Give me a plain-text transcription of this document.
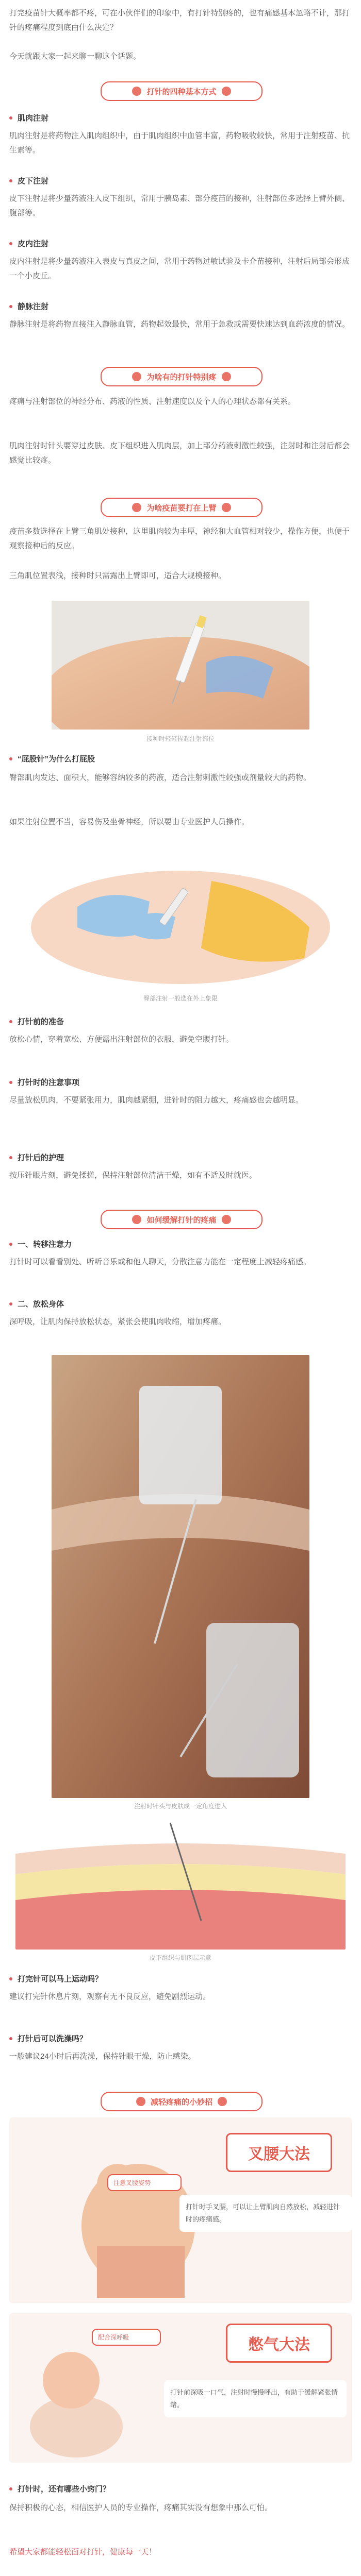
打完疫苗针大概率都不疼，可在小伙伴们的印象中，有打针特别疼的，也有痛感基本忽略不计，那打针的疼痛程度到底由什么决定？

今天就跟大家一起来聊一聊这个话题。

打针的四种基本方式
肌肉注射

肌肉注射是将药物注入肌肉组织中，由于肌肉组织中血管丰富，药物吸收较快，常用于注射疫苗、抗生素等。

皮下注射

皮下注射是将少量药液注入皮下组织，常用于胰岛素、部分疫苗的接种，注射部位多选择上臂外侧、腹部等。

皮内注射

皮内注射是将少量药液注入表皮与真皮之间，常用于药物过敏试验及卡介苗接种，注射后局部会形成一个小皮丘。

静脉注射

静脉注射是将药物直接注入静脉血管，药物起效最快，常用于急救或需要快速达到血药浓度的情况。

为啥有的打针特别疼

疼痛与注射部位的神经分布、药液的性质、注射速度以及个人的心理状态都有关系。

肌肉注射时针头要穿过皮肤、皮下组织进入肌肉层，加上部分药液刺激性较强，注射时和注射后都会感觉比较疼。

为啥疫苗要打在上臂

疫苗多数选择在上臂三角肌处接种，这里肌肉较为丰厚，神经和大血管相对较少，操作方便，也便于观察接种后的反应。

三角肌位置表浅，接种时只需露出上臂即可，适合大规模接种。

接种时轻轻捏起注射部位
“屁股针”为什么打屁股

臀部肌肉发达、面积大，能够容纳较多的药液，适合注射刺激性较强或剂量较大的药物。

如果注射位置不当，容易伤及坐骨神经，所以要由专业医护人员操作。

臀部注射一般选在外上象限
打针前的准备

放松心情，穿着宽松、方便露出注射部位的衣服，避免空腹打针。

打针时的注意事项

尽量放松肌肉，不要紧张用力，肌肉越紧绷，进针时的阻力越大，疼痛感也会越明显。

打针后的护理

按压针眼片刻，避免揉搓，保持注射部位清洁干燥，如有不适及时就医。

如何缓解打针的疼痛
一、转移注意力

打针时可以看看别处、听听音乐或和他人聊天，分散注意力能在一定程度上减轻疼痛感。

二、放松身体

深呼吸，让肌肉保持放松状态，紧张会使肌肉收缩，增加疼痛。

注射时针头与皮肤成一定角度进入
皮下组织与肌肉层示意
打完针可以马上运动吗？

建议打完针休息片刻，观察有无不良反应，避免剧烈运动。

打针后可以洗澡吗？

一般建议24小时后再洗澡，保持针眼干燥，防止感染。

减轻疼痛的小妙招
叉腰大法
注意叉腰姿势

打针时手叉腰，可以让上臂肌肉自然放松，减轻进针时的疼痛感。

憋气大法
配合深呼吸

打针前深吸一口气，注射时慢慢呼出，有助于缓解紧张情绪。

打针时，还有哪些小窍门？

保持积极的心态，相信医护人员的专业操作，疼痛其实没有想象中那么可怕。

希望大家都能轻松面对打针，健康每一天！
